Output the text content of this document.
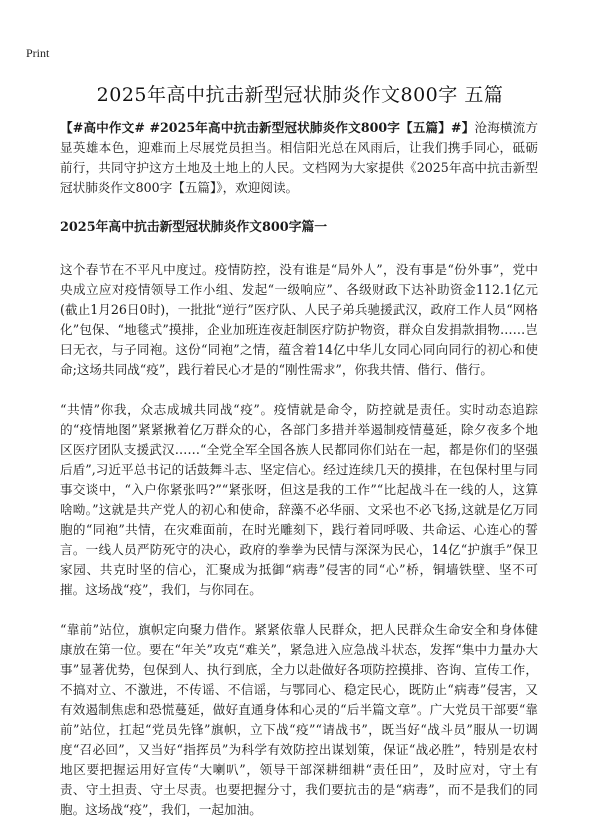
Print
2025年高中抗击新型冠状肺炎作文800字 五篇

【#高中作文# #2025年高中抗击新型冠状肺炎作文800字【五篇】#】沧海横流方显英雄本色，迎难而上尽展党员担当。相信阳光总在风雨后，让我们携手同心，砥砺前行，共同守护这方土地及土地上的人民。文档网为大家提供《2025年高中抗击新型冠状肺炎作文800字【五篇】》，欢迎阅读。

2025年高中抗击新型冠状肺炎作文800字篇一

这个春节在不平凡中度过。疫情防控，没有谁是“局外人”，没有事是“份外事”，党中央成立应对疫情领导工作小组、发起“一级响应”、各级财政下达补助资金112.1亿元(截止1月26日0时)，一批批“逆行”医疗队、人民子弟兵驰援武汉，政府工作人员“网格化”包保、“地毯式”摸排，企业加班连夜赶制医疗防护物资，群众自发捐款捐物……岂曰无衣，与子同袍。这份“同袍”之情，蕴含着14亿中华儿女同心同向同行的初心和使命;这场共同战“疫”，践行着民心才是的“刚性需求”，你我共情、偕行、偕行。

“共情”你我，众志成城共同战“疫”。疫情就是命令，防控就是责任。实时动态追踪的“疫情地图”紧紧揪着亿万群众的心，各部门多措并举遏制疫情蔓延，除夕夜多个地区医疗团队支援武汉……“全党全军全国各族人民都同你们站在一起，都是你们的坚强后盾”,习近平总书记的话鼓舞斗志、坚定信心。经过连续几天的摸排，在包保村里与同事交谈中，“入户你紧张吗?”“紧张呀，但这是我的工作”“比起战斗在一线的人，这算啥呦。”这就是共产党人的初心和使命，辞藻不必华丽、文采也不必飞扬,这就是亿万同胞的“同袍”共情，在灾难面前，在时光雕刻下，践行着同呼吸、共命运、心连心的誓言。一线人员严防死守的决心，政府的拳拳为民情与深深为民心，14亿“护旗手”保卫家园、共克时坚的信心，汇聚成为抵御“病毒”侵害的同“心”桥，铜墙铁壁、坚不可摧。这场战“疫”，我们，与你同在。

“靠前”站位，旗帜定向聚力借作。紧紧依靠人民群众，把人民群众生命安全和身体健康放在第一位。要在“年关”攻克“难关”，紧急进入应急战斗状态，发挥“集中力量办大事”显著优势，包保到人、执行到底，全力以赴做好各项防控摸排、咨询、宣传工作，不搞对立、不激进，不传谣、不信谣，与鄂同心、稳定民心，既防止“病毒”侵害，又有效遏制焦虑和恐慌蔓延，做好直通身体和心灵的“后半篇文章”。广大党员干部要“靠前”站位，扛起“党员先锋”旗帜，立下战“疫”“请战书”，既当好“战斗员”服从一切调度“召必回”，又当好“指挥员”为科学有效防控出谋划策，保证“战必胜”，特别是农村地区要把握运用好宣传“大喇叭”，领导干部深耕细耕“责任田”，及时应对，守土有责、守土担责、守土尽责。也要把握分寸，我们要抗击的是“病毒”，而不是我们的同胞。这场战“疫”，我们，一起加油。
